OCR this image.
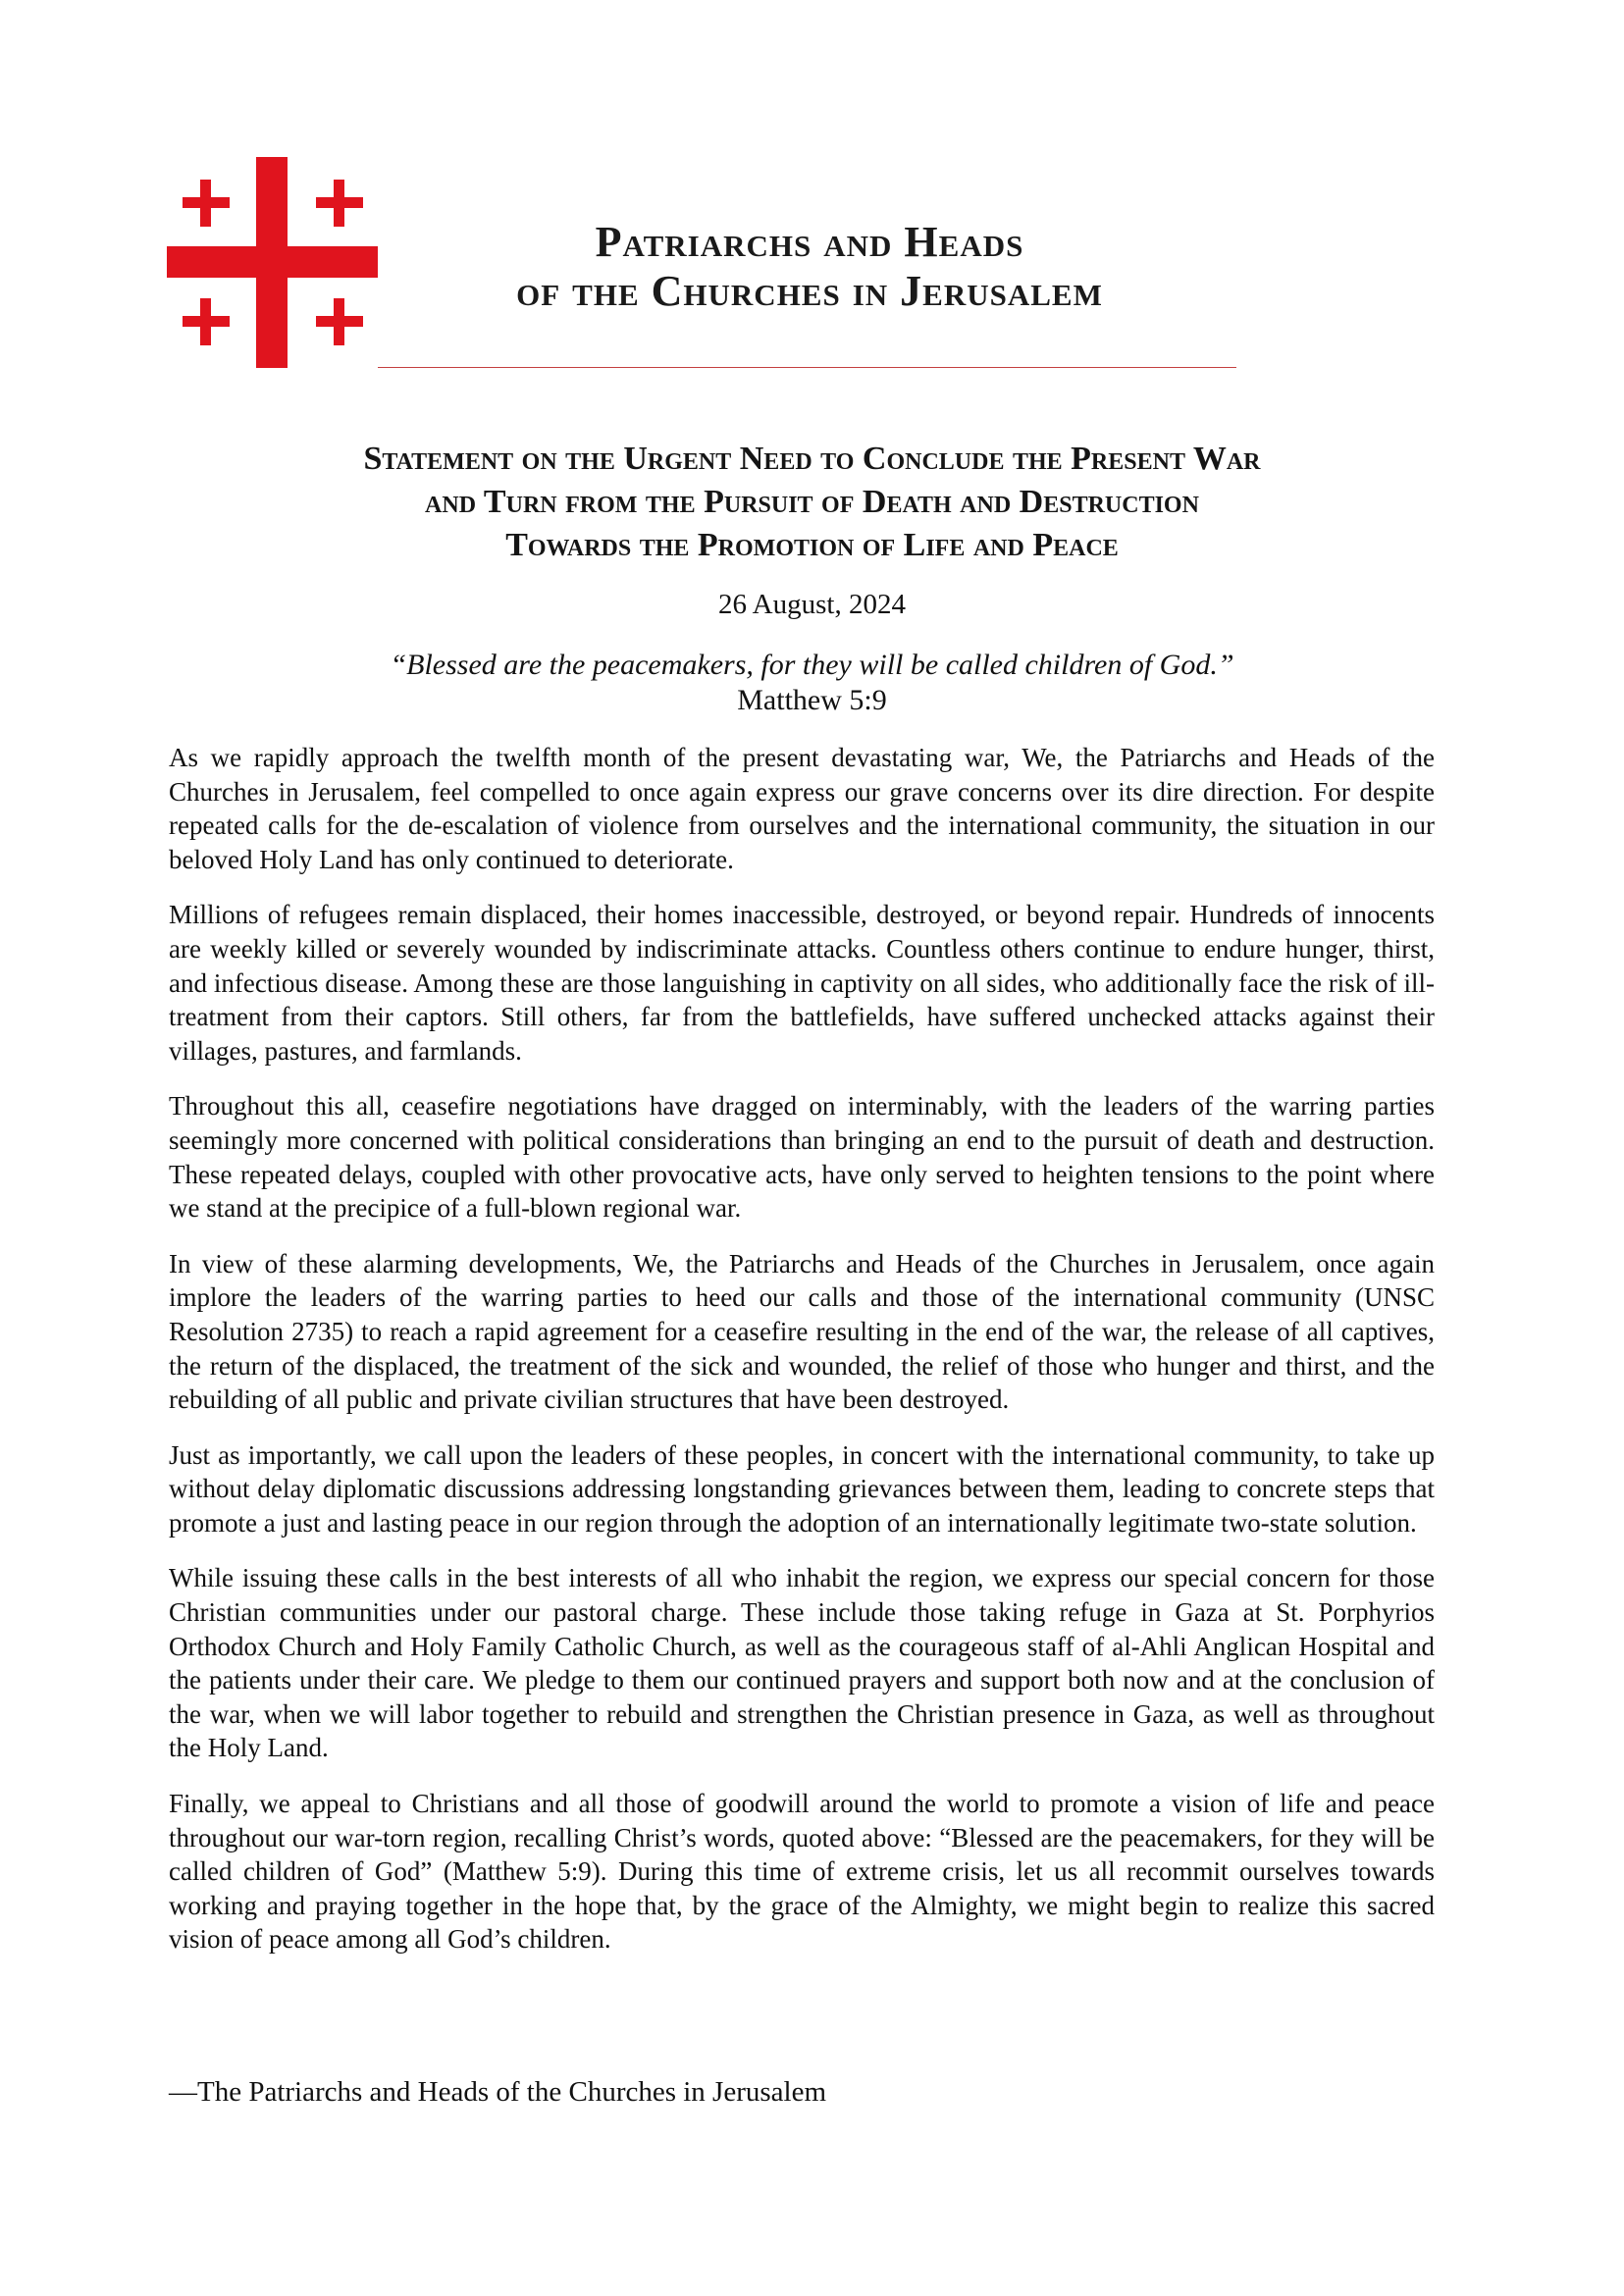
Patriarchs and Heads
of the Churches in Jerusalem
Statement on the Urgent Need to Conclude the Present War
and Turn from the Pursuit of Death and Destruction
Towards the Promotion of Life and Peace
26 August, 2024
“Blessed are the peacemakers, for they will be called children of God.”
Matthew 5:9

As we rapidly approach the twelfth month of the present devastating war, We, the Patriarchs and Heads of the Churches in Jerusalem, feel compelled to once again express our grave concerns over its dire direction. For despite repeated calls for the de-escalation of violence from ourselves and the international community, the situation in our beloved Holy Land has only continued to deteriorate.

Millions of refugees remain displaced, their homes inaccessible, destroyed, or beyond repair. Hundreds of innocents are weekly killed or severely wounded by indiscriminate attacks. Countless others continue to endure hunger, thirst, and infectious disease. Among these are those languishing in captivity on all sides, who additionally face the risk of ill-treatment from their captors. Still others, far from the battlefields, have suffered unchecked attacks against their villages, pastures, and farmlands.

Throughout this all, ceasefire negotiations have dragged on interminably, with the leaders of the warring parties seemingly more concerned with political considerations than bringing an end to the pursuit of death and destruction. These repeated delays, coupled with other provocative acts, have only served to heighten tensions to the point where we stand at the precipice of a full-blown regional war.

In view of these alarming developments, We, the Patriarchs and Heads of the Churches in Jerusalem, once again implore the leaders of the warring parties to heed our calls and those of the international community (UNSC Resolution 2735) to reach a rapid agreement for a ceasefire resulting in the end of the war, the release of all captives, the return of the displaced, the treatment of the sick and wounded, the relief of those who hunger and thirst, and the rebuilding of all public and private civilian structures that have been destroyed.

Just as importantly, we call upon the leaders of these peoples, in concert with the international community, to take up without delay diplomatic discussions addressing longstanding grievances between them, leading to concrete steps that promote a just and lasting peace in our region through the adoption of an internationally legitimate two-state solution.

While issuing these calls in the best interests of all who inhabit the region, we express our special concern for those Christian communities under our pastoral charge. These include those taking refuge in Gaza at St. Porphyrios Orthodox Church and Holy Family Catholic Church, as well as the courageous staff of al-Ahli Anglican Hospital and the patients under their care. We pledge to them our continued prayers and support both now and at the conclusion of the war, when we will labor together to rebuild and strengthen the Christian presence in Gaza, as well as throughout the Holy Land.

Finally, we appeal to Christians and all those of goodwill around the world to promote a vision of life and peace throughout our war-torn region, recalling Christ’s words, quoted above: “Blessed are the peacemakers, for they will be called children of God” (Matthew 5:9). During this time of extreme crisis, let us all recommit ourselves towards working and praying together in the hope that, by the grace of the Almighty, we might begin to realize this sacred vision of peace among all God’s children.

—The Patriarchs and Heads of the Churches in Jerusalem
